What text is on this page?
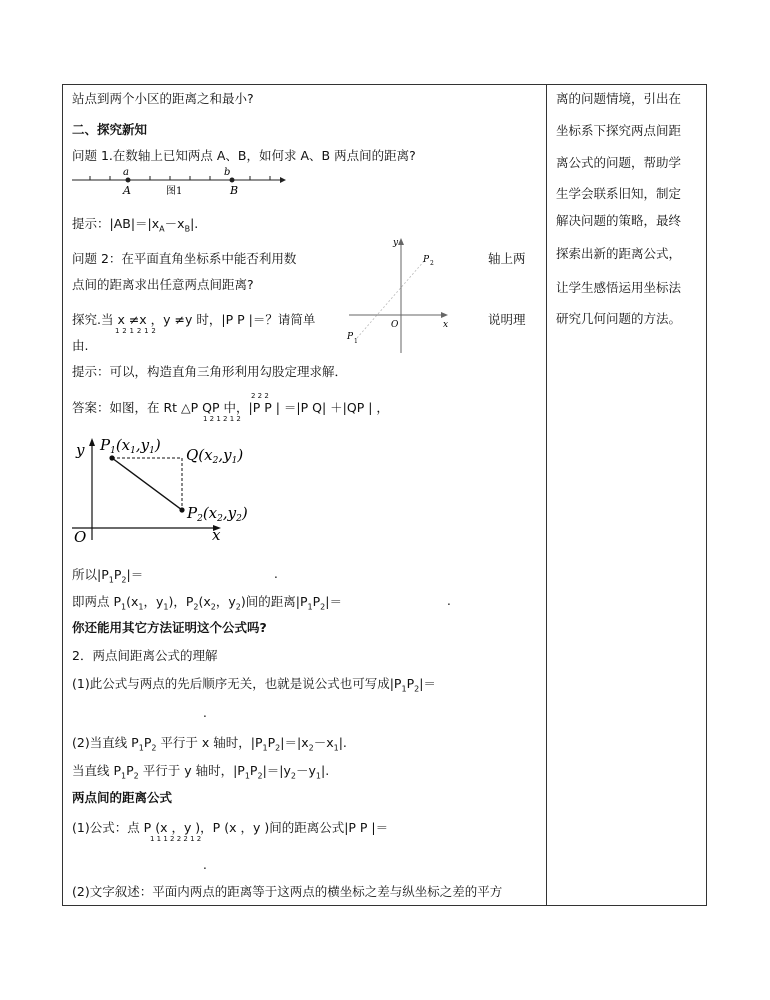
站点到两个小区的距离之和最小?
二、探究新知
问题 1.在数轴上已知两点 A、B，如何求 A、B 两点间的距离?
a	b
A	B
图1
提示：$|AB|=|x_A-x_B|$.
问题 2：在平面直角坐标系中能否利用数	轴上两
点间的距离求出任意两点间距离?
y
x
O
P 1
P 2
探究.当 x ≠x ，y ≠y 时，|P P |＝？请简单
1 2 1 2 1 2
说明理
由.
提示：可以，构造直角三角形利用勾股定理求解．
2 2 2
答案：如图，在 Rt △P QP 中，|P P | ＝|P Q| ＋|QP | ，
1 2 1 2 1 2
y
x
O
$P_1(x_1,y_1)$
$Q(x_2,y_1)$
$P_2(x_2,y_2)$
所以$|P_1P_2|=$	.
即两点 $P_1(x_1$，$y_1$)，$P_2(x_2$，$y_2$)间的距离$|P_1P_2|=$	.
你还能用其它方法证明这个公式吗?
2．两点间距离公式的理解
(1)此公式与两点的先后顺序无关，也就是说公式也可写成$|P_1P_2|=$
.
(2)当直线 $P_1P_2$ 平行于 x 轴时，$|P_1P_2|=|x_2-x_1|$.
当直线 $P_1P_2$ 平行于 y 轴时，$|P_1P_2|=|y_2-y_1|$.
两点间的距离公式
(1)公式：点 P (x ，y )，P (x ，y )间的距离公式|P P |＝
1 1 1 2 2 2 1 2
.
(2)文字叙述：平面内两点的距离等于这两点的横坐标之差与纵坐标之差的平方
离的问题情境，引出在
坐标系下探究两点间距
离公式的问题，帮助学
生学会联系旧知，制定
解决问题的策略，最终
探索出新的距离公式，
让学生感悟运用坐标法
研究几何问题的方法。
